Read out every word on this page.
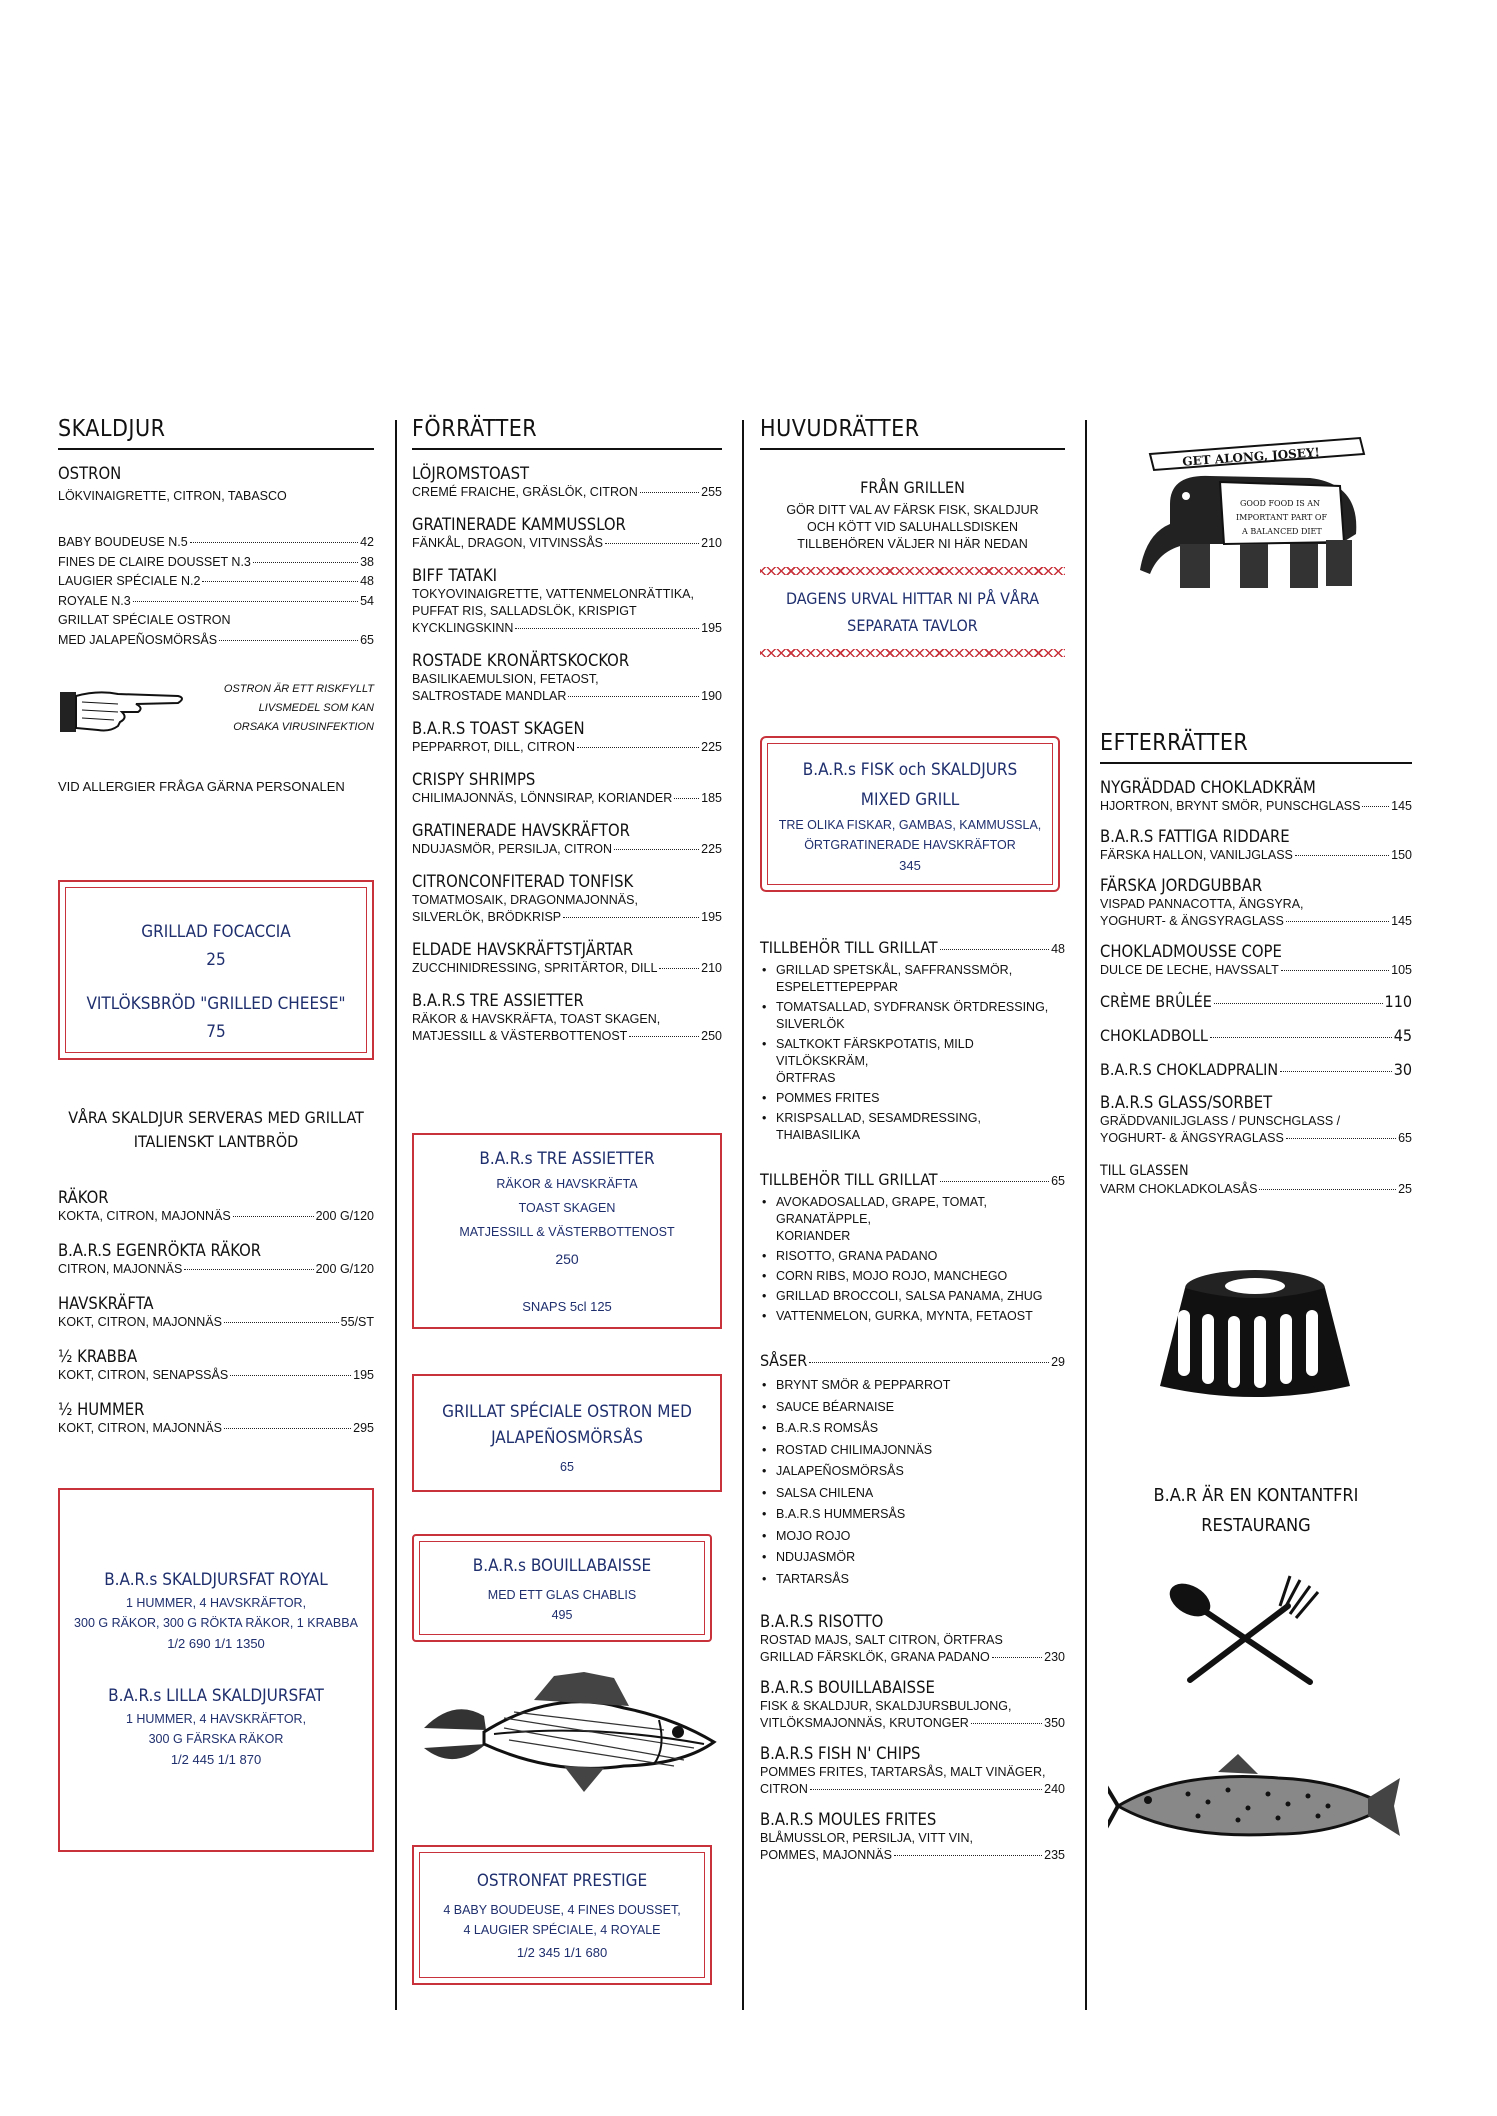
SKALDJUR
OSTRON
LÖKVINAIGRETTE, CITRON, TABASCO
BABY BOUDEUSE N.5	42
FINES DE CLAIRE DOUSSET N.3	38
LAUGIER SPÉCIALE N.2	48
ROYALE N.3	54
GRILLAT SPÉCIALE OSTRON
MED JALAPEÑOSMÖRSÅS	65
OSTRON ÄR ETT RISKFYLLT
LIVSMEDEL SOM KAN
ORSAKA VIRUSINFEKTION
VID ALLERGIER FRÅGA GÄRNA PERSONALEN
GRILLAD FOCACCIA
25
VITLÖKSBRÖD "GRILLED CHEESE"
75
VÅRA SKALDJUR SERVERAS MED GRILLAT
ITALIENSKT LANTBRÖD
RÄKOR
KOKTA, CITRON, MAJONNÄS	200 G/120
B.A.R.S EGENRÖKTA RÄKOR
CITRON, MAJONNÄS	200 G/120
HAVSKRÄFTA
KOKT, CITRON, MAJONNÄS	55/ST
½ KRABBA
KOKT, CITRON, SENAPSSÅS	195
½ HUMMER
KOKT, CITRON, MAJONNÄS	295
B.A.R.s SKALDJURSFAT ROYAL
1 HUMMER, 4 HAVSKRÄFTOR,
300 G RÄKOR, 300 G RÖKTA RÄKOR, 1 KRABBA
1/2 690 1/1 1350
B.A.R.s LILLA SKALDJURSFAT
1 HUMMER, 4 HAVSKRÄFTOR,
300 G FÄRSKA RÄKOR
1/2 445 1/1 870
FÖRRÄTTER
LÖJROMSTOAST
CREMÉ FRAICHE, GRÄSLÖK, CITRON	255
GRATINERADE KAMMUSSLOR
FÄNKÅL, DRAGON, VITVINSSÅS	210
BIFF TATAKI
TOKYOVINAIGRETTE, VATTENMELONRÄTTIKA,
PUFFAT RIS, SALLADSLÖK, KRISPIGT
KYCKLINGSKINN	195
ROSTADE KRONÄRTSKOCKOR
BASILIKAEMULSION, FETAOST,
SALTROSTADE MANDLAR	190
B.A.R.S TOAST SKAGEN
PEPPARROT, DILL, CITRON	225
CRISPY SHRIMPS
CHILIMAJONNÄS, LÖNNSIRAP, KORIANDER 185
GRATINERADE HAVSKRÄFTOR
NDUJASMÖR, PERSILJA, CITRON	225
CITRONCONFITERAD TONFISK
TOMATMOSAIK, DRAGONMAJONNÄS,
SILVERLÖK, BRÖDKRISP	195
ELDADE HAVSKRÄFTSTJÄRTAR
ZUCCHINIDRESSING, SPRITÄRTOR, DILL	210
B.A.R.S TRE ASSIETTER
RÄKOR & HAVSKRÄFTA, TOAST SKAGEN,
MATJESSILL & VÄSTERBOTTENOST	250
B.A.R.s TRE ASSIETTER
RÄKOR & HAVSKRÄFTA
TOAST SKAGEN
MATJESSILL & VÄSTERBOTTENOST
250
SNAPS 5cl 125
GRILLAT SPÉCIALE OSTRON MED
JALAPEÑOSMÖRSÅS
65
B.A.R.s BOUILLABAISSE
MED ETT GLAS CHABLIS
495
OSTRONFAT PRESTIGE
4 BABY BOUDEUSE, 4 FINES DOUSSET,
4 LAUGIER SPÉCIALE, 4 ROYALE
1/2 345 1/1 680
HUVUDRÄTTER
FRÅN GRILLEN
GÖR DITT VAL AV FÄRSK FISK, SKALDJUR
OCH KÖTT VID SALUHALLSDISKEN
TILLBEHÖREN VÄLJER NI HÄR NEDAN
DAGENS URVAL HITTAR NI PÅ VÅRA
SEPARATA TAVLOR
B.A.R.s FISK och SKALDJURS
MIXED GRILL
TRE OLIKA FISKAR, GAMBAS, KAMMUSSLA,
ÖRTGRATINERADE HAVSKRÄFTOR
345
TILLBEHÖR TILL GRILLAT	48
• GRILLAD SPETSKÅL, SAFFRANSSMÖR,
ESPELETTEPEPPAR
• TOMATSALLAD, SYDFRANSK ÖRTDRESSING,
SILVERLÖK
• SALTKOKT FÄRSKPOTATIS, MILD VITLÖKSKRÄM,
ÖRTFRAS
• POMMES FRITES
• KRISPSALLAD, SESAMDRESSING, THAIBASILIKA
TILLBEHÖR TILL GRILLAT	65
• AVOKADOSALLAD, GRAPE, TOMAT, GRANATÄPPLE,
KORIANDER
• RISOTTO, GRANA PADANO
• CORN RIBS, MOJO ROJO, MANCHEGO
• GRILLAD BROCCOLI, SALSA PANAMA, ZHUG
• VATTENMELON, GURKA, MYNTA, FETAOST
SÅSER	29
• BRYNT SMÖR & PEPPARROT
• SAUCE BÉARNAISE
• B.A.R.S ROMSÅS
• ROSTAD CHILIMAJONNÄS
• JALAPEÑOSMÖRSÅS
• SALSA CHILENA
• B.A.R.S HUMMERSÅS
• MOJO ROJO
• NDUJASMÖR
• TARTARSÅS
B.A.R.S RISOTTO
ROSTAD MAJS, SALT CITRON, ÖRTFRAS
GRILLAD FÄRSKLÖK, GRANA PADANO	230
B.A.R.S BOUILLABAISSE
FISK & SKALDJUR, SKALDJURSBULJONG,
VITLÖKSMAJONNÄS, KRUTONGER	350
B.A.R.S FISH N' CHIPS
POMMES FRITES, TARTARSÅS, MALT VINÄGER,
CITRON	240
B.A.R.S MOULES FRITES
BLÅMUSSLOR, PERSILJA, VITT VIN,
POMMES, MAJONNÄS	235
GET ALONG, JOSEY!
GOOD FOOD IS AN
IMPORTANT PART OF
A BALANCED DIET
EFTERRÄTTER
NYGRÄDDAD CHOKLADKRÄM
HJORTRON, BRYNT SMÖR, PUNSCHGLASS 145
B.A.R.S FATTIGA RIDDARE
FÄRSKA HALLON, VANILJGLASS	150
FÄRSKA JORDGUBBAR
VISPAD PANNACOTTA, ÄNGSYRA,
YOGHURT- & ÄNGSYRAGLASS	145
CHOKLADMOUSSE COPE
DULCE DE LECHE, HAVSSALT	105
CRÈME BRÛLÉE	110
CHOKLADBOLL	45
B.A.R.S CHOKLADPRALIN	30
B.A.R.S GLASS/SORBET
GRÄDDVANILJGLASS / PUNSCHGLASS /
YOGHURT- & ÄNGSYRAGLASS	65
TILL GLASSEN
VARM CHOKLADKOLASÅS	25
B.A.R ÄR EN KONTANTFRI
RESTAURANG
